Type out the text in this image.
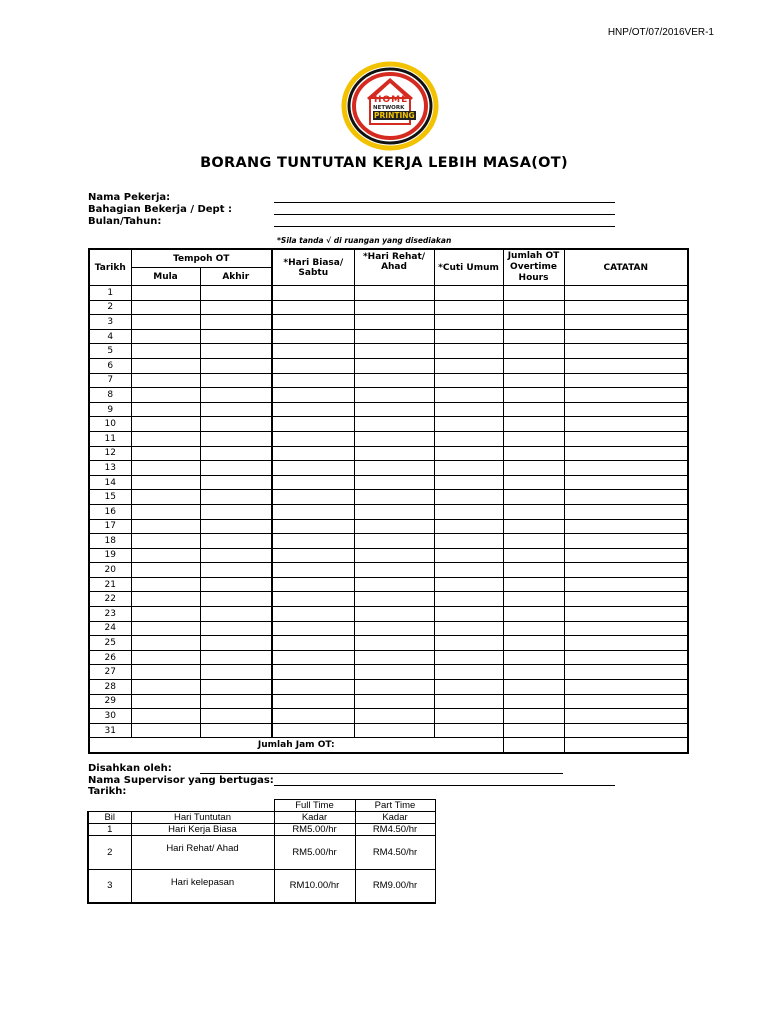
HNP/OT/07/2016VER-1
HOME
NETWORK
PRINTING
BORANG TUNTUTAN KERJA LEBIH MASA(OT)
Nama Pekerja:
Bahagian Bekerja / Dept :
Bulan/Tahun:
*Sila tanda √ di ruangan yang disediakan
Tarikh	Tempoh OT		*Hari Biasa/ Sabtu	*Hari Rehat/ Ahad	*Cuti Umum	Jumlah OT Overtime Hours	CATATAN
	Mula	Akhir					
1							
2							
3							
4							
5							
6							
7							
8							
9							
10							
11							
12							
13							
14							
15							
16							
17							
18							
19							
20							
21							
22							
23							
24							
25							
26							
27							
28							
29							
30							
31							
Jumlah Jam OT:							
Disahkan oleh:
Nama Supervisor yang bertugas:
Tarikh:
		Full Time	Part Time
Bil	Hari Tuntutan	Kadar	Kadar
1	Hari Kerja Biasa	RM5.00/hr	RM4.50/hr
2	Hari Rehat/ Ahad	RM5.00/hr	RM4.50/hr
3	Hari kelepasan	RM10.00/hr	RM9.00/hr
